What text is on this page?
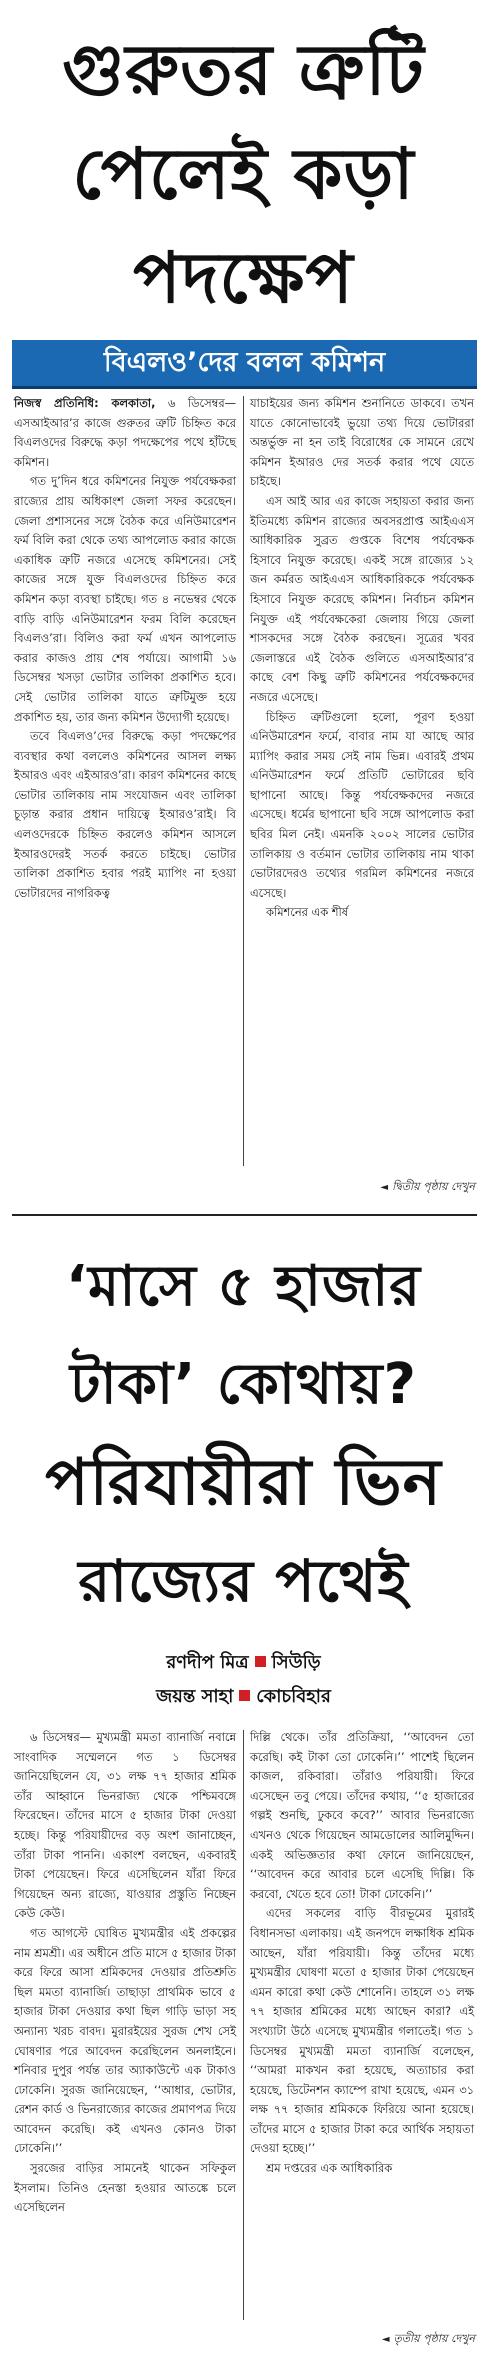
গুরুতর ত্রুটি
পেলেই কড়া
পদক্ষেপ
বিএলও’দের বলল কমিশন

নিজস্ব প্রতিনিধি: কলকাতা, ৬ ডিসেম্বর— এসআইআর’র কাজে গুরুতর ত্রুটি চিহ্নিত করে বিএলওদের বিরুদ্ধে কড়া পদক্ষেপের পথে হাঁটছে কমিশন।

গত দু’দিন ধরে কমিশনের নিযুক্ত পর্যবেক্ষকরা রাজ্যের প্রায় অধিকাংশ জেলা সফর করেছেন। জেলা প্রশাসনের সঙ্গে বৈঠক করে এনিউমারেশন ফর্ম বিলি করা থেকে তথ্য আপলোড করার কাজে একাধিক ত্রুটি নজরে এসেছে কমিশনের। সেই কাজের সঙ্গে যুক্ত বিএলওদের চিহ্নিত করে কমিশন কড়া ব্যবস্থা চাইছে। গত ৪ নভেম্বর থেকে বাড়ি বাড়ি এনিউমারেশন ফরম বিলি করেছেন বিএলও’রা। বিলিও করা ফর্ম এখন আপলোড করার কাজও প্রায় শেষ পর্যায়ে। আগামী ১৬ ডিসেম্বর খসড়া ভোটার তালিকা প্রকাশিত হবে। সেই ভোটার তালিকা যাতে ত্রুটিমুক্ত হয়ে প্রকাশিত হয়, তার জন্য কমিশন উদ্যোগী হয়েছে।

তবে বিএলও’দের বিরুদ্ধে কড়া পদক্ষেপের ব্যবস্থার কথা বললেও কমিশনের আসল লক্ষ্য ইআরও এবং এইআরও’রা। কারণ কমিশনের কাছে ভোটার তালিকায় নাম সংযোজন এবং তালিকা চূড়ান্ত করার প্রধান দায়িত্বে ইআরও’রাই। বি এলওদেরকে চিহ্নিত করলেও কমিশন আসলে ইআরওদেরই সতর্ক করতে চাইছে। ভোটার তালিকা প্রকাশিত হবার পরই ম্যাপিং না হওয়া ভোটারদের নাগরিকত্ব

যাচাইয়ের জন্য কমিশন শুনানিতে ডাকবে। তখন যাতে কোনোভাবেই ভুয়ো তথ্য দিয়ে ভোটাররা অন্তর্ভুক্ত না হন তাই বিরোধের কে সামনে রেখে কমিশন ইআরও দের সতর্ক করার পথে যেতে চাইছে।

এস আই আর এর কাজে সহায়তা করার জন্য ইতিমধ্যে কমিশন রাজ্যের অবসরপ্রাপ্ত আইএএস আধিকারিক সুব্রত গুপ্তকে বিশেষ পর্যবেক্ষক হিসাবে নিযুক্ত করেছে। একই সঙ্গে রাজ্যের ১২ জন কর্মরত আইএএস আধিকারিককে পর্যবেক্ষক হিসাবে নিযুক্ত করেছে কমিশন। নির্বাচন কমিশন নিযুক্ত এই পর্যবেক্ষকেরা জেলায় গিয়ে জেলা শাসকদের সঙ্গে বৈঠক করছেন। সূত্রের খবর জেলাস্তরে এই বৈঠক গুলিতে এসআইআর’র কাছে বেশ কিছু ত্রুটি কমিশনের পর্যবেক্ষকদের নজরে এসেছে।

চিহ্নিত ত্রুটিগুলো হলো, পূরণ হওয়া এনিউমারেশন ফর্মে, বাবার নাম যা আছে আর ম্যাপিং করার সময় সেই নাম ভিন্ন। এবারই প্রথম এনিউমারেশন ফর্মে প্রতিটি ভোটারের ছবি ছাপানো আছে। কিন্তু পর্যবেক্ষকদের নজরে এসেছে। ধর্মের ছাপানো ছবি সঙ্গে আপলোড করা ছবির মিল নেই। এমনকি ২০০২ সালের ভোটার তালিকায় ও বর্তমান ভোটার তালিকায় নাম থাকা ভোটারদেরও তথ্যের গরমিল কমিশনের নজরে এসেছে।

কমিশনের এক শীর্ষ

◄ দ্বিতীয় পৃষ্ঠায় দেখুন
‘মাসে ৫ হাজার
টাকা’ কোথায়?
পরিযায়ীরা ভিন
রাজ্যের পথেই
রণদীপ মিত্র সিউড়ি
জয়ন্ত সাহা কোচবিহার

৬ ডিসেম্বর— মুখ্যমন্ত্রী মমতা ব্যানার্জি নবান্নে সাংবাদিক সম্মেলনে গত ১ ডিসেম্বর জানিয়েছিলেন যে, ৩১ লক্ষ ৭৭ হাজার শ্রমিক তাঁর আহ্বানে ভিনরাজ্য থেকে পশ্চিমবঙ্গে ফিরেছেন। তাঁদের মাসে ৫ হাজার টাকা দেওয়া হচ্ছে। কিন্তু পরিযায়ীদের বড় অংশ জানাচ্ছেন, তাঁরা টাকা পাননি। একাংশ বলছেন, একবারই টাকা পেয়েছেন। ফিরে এসেছিলেন যাঁরা ফিরে গিয়েছেন অন্য রাজ্যে, যাওয়ার প্রস্তুতি নিচ্ছেন কেউ কেউ।

গত আগস্টে ঘোষিত মুখ্যমন্ত্রীর এই প্রকল্পের নাম শ্রমশ্রী। এর অধীনে প্রতি মাসে ৫ হাজার টাকা করে ফিরে আসা শ্রমিকদের দেওয়ার প্রতিশ্রুতি ছিল মমতা ব্যানার্জি। তাছাড়া প্রাথমিক ভাবে ৫ হাজার টাকা দেওয়ার কথা ছিল গাড়ি ভাড়া সহ অন্যান্য খরচ বাবদ। মুরারইয়ের সুরজ শেখ সেই ঘোষণার পরে আবেদন করেছিলেন অনলাইনে। শনিবার দুপুর পর্যন্ত তার অ্যাকাউন্টে এক টাকাও ঢোকেনি। সুরজ জানিয়েছেন, ‘‘আধার, ভোটার, রেশন কার্ড ও ভিনরাজ্যের কাজের প্রমাণপত্র দিয়ে আবেদন করেছি। কই এখনও কোনও টাকা ঢোকেনি।’’

সুরজের বাড়ির সামনেই থাকেন সফিকুল ইসলাম। তিনিও হেনস্তা হওয়ার আতঙ্কে চলে এসেছিলেন

দিল্লি থেকে। তাঁর প্রতিক্রিয়া, ‘‘আবেদন তো করেছি। কই টাকা তো ঢোকেনি।’’ পাশেই ছিলেন কাজল, রকিবারা। তাঁরাও পরিযায়ী। ফিরে এসেছেন তবু পেয়ে। তাঁদের কথায়, ‘‘৫ হাজারের গল্পই শুনছি, ঢুকবে কবে?’’ আবার ভিনরাজ্যে এখনও থেকে গিয়েছেন আমডোলের আলিমুদ্দিন। একই অভিজ্ঞতার কথা ফোনে জানিয়েছেন, ‘‘আবেদন করে আবার চলে এসেছি দিল্লি। কি করবো, খেতে হবে তো! টাকা ঢোকেনি।’’

এদের সকলের বাড়ি বীরভূমের মুরারই বিধানসভা এলাকায়। এই জনপদে লক্ষাধিক শ্রমিক আছেন, যাঁরা পরিযায়ী। কিন্তু তাঁদের মধ্যে মুখ্যমন্ত্রীর ঘোষণা মতো ৫ হাজার টাকা পেয়েছেন এমন কারো কথা কেউ শোনেনি। তাহলে ৩১ লক্ষ ৭৭ হাজার শ্রমিকের মধ্যে আছেন কারা? এই সংখ্যাটা উঠে এসেছে মুখ্যমন্ত্রীর গলাতেই। গত ১ ডিসেম্বর মুখ্যমন্ত্রী মমতা ব্যানার্জি বলেছেন, ‘‘আমরা মাকখন করা হয়েছে, অত্যাচার করা হয়েছে, ডিটেনশন ক্যাম্পে রাখা হয়েছে, এমন ৩১ লক্ষ ৭৭ হাজার শ্রমিককে ফিরিয়ে আনা হয়েছে। তাঁদের মাসে ৫ হাজার টাকা করে আর্থিক সহায়তা দেওয়া হচ্ছে।’’

শ্রম দপ্তরের এক আধিকারিক

◄ তৃতীয় পৃষ্ঠায় দেখুন
